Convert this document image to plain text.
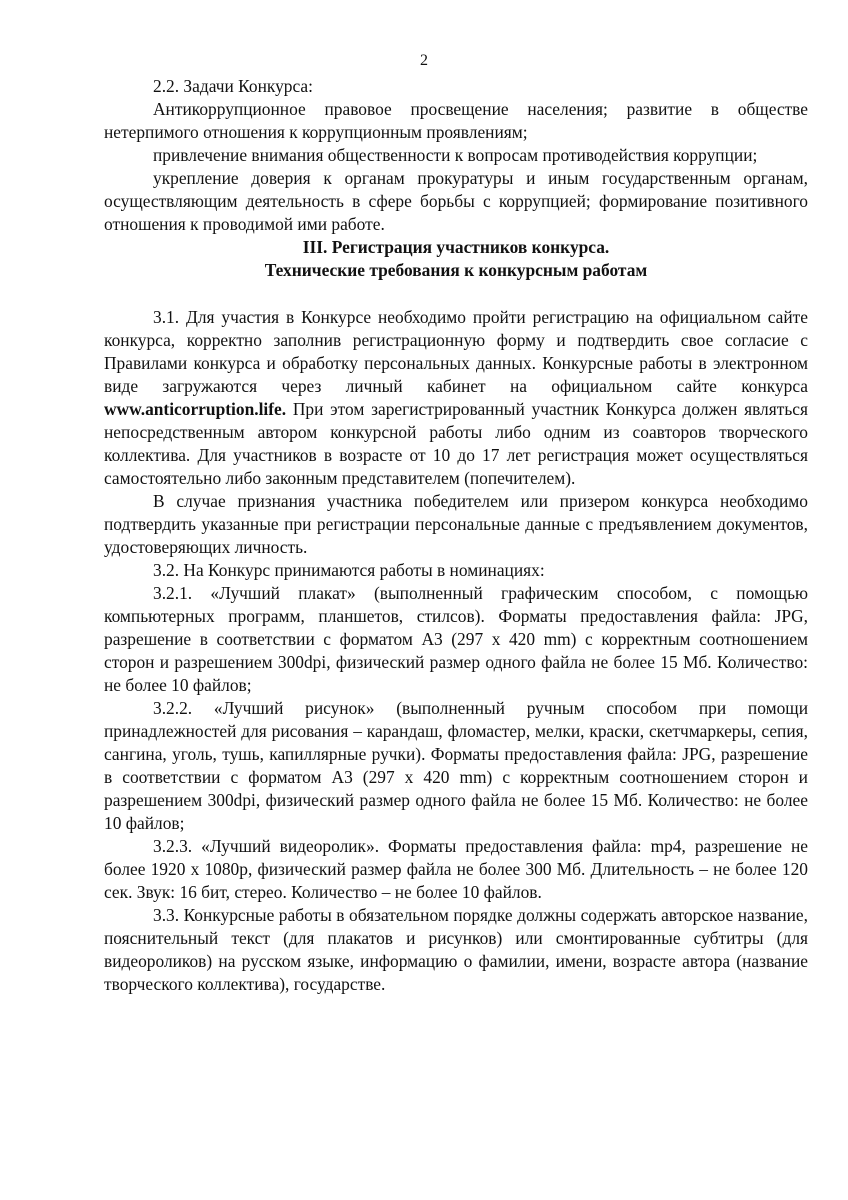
2

2.2. Задачи Конкурса:

Антикоррупционное правовое просвещение населения; развитие в обществе нетерпимого отношения к коррупционным проявлениям;

привлечение внимания общественности к вопросам противодействия коррупции;

укрепление доверия к органам прокуратуры и иным государственным органам, осуществляющим деятельность в сфере борьбы с коррупцией; формирование позитивного отношения к проводимой ими работе.

III. Регистрация участников конкурса.

Технические требования к конкурсным работам

3.1. Для участия в Конкурсе необходимо пройти регистрацию на официальном сайте конкурса, корректно заполнив регистрационную форму и подтвердить свое согласие с Правилами конкурса и обработку персональных данных. Конкурсные работы в электронном виде загружаются через личный кабинет на официальном сайте конкурса www.anticorruption.life. При этом зарегистрированный участник Конкурса должен являться непосредственным автором конкурсной работы либо одним из соавторов творческого коллектива. Для участников в возрасте от 10 до 17 лет регистрация может осуществляться самостоятельно либо законным представителем (попечителем).

В случае признания участника победителем или призером конкурса необходимо подтвердить указанные при регистрации персональные данные с предъявлением документов, удостоверяющих личность.

3.2. На Конкурс принимаются работы в номинациях:

3.2.1. «Лучший плакат» (выполненный графическим способом, с помощью компьютерных программ, планшетов, стилсов). Форматы предоставления файла: JPG, разрешение в соответствии с форматом А3 (297 x 420 mm) с корректным соотношением сторон и разрешением 300dpi, физический размер одного файла не более 15 Мб. Количество: не более 10 файлов;

3.2.2. «Лучший рисунок» (выполненный ручным способом при помощи принадлежностей для рисования – карандаш, фломастер, мелки, краски, скетчмаркеры, сепия, сангина, уголь, тушь, капиллярные ручки). Форматы предоставления файла: JPG, разрешение в соответствии с форматом А3 (297 x 420 mm) с корректным соотношением сторон и разрешением 300dpi, физический размер одного файла не более 15 Мб. Количество: не более 10 файлов;

3.2.3. «Лучший видеоролик». Форматы предоставления файла: mp4, разрешение не более 1920 x 1080p, физический размер файла не более 300 Мб. Длительность – не более 120 сек. Звук: 16 бит, стерео. Количество – не более 10 файлов.

3.3. Конкурсные работы в обязательном порядке должны содержать авторское название, пояснительный текст (для плакатов и рисунков) или смонтированные субтитры (для видеороликов) на русском языке, информацию о фамилии, имени, возрасте автора (название творческого коллектива), государстве.
